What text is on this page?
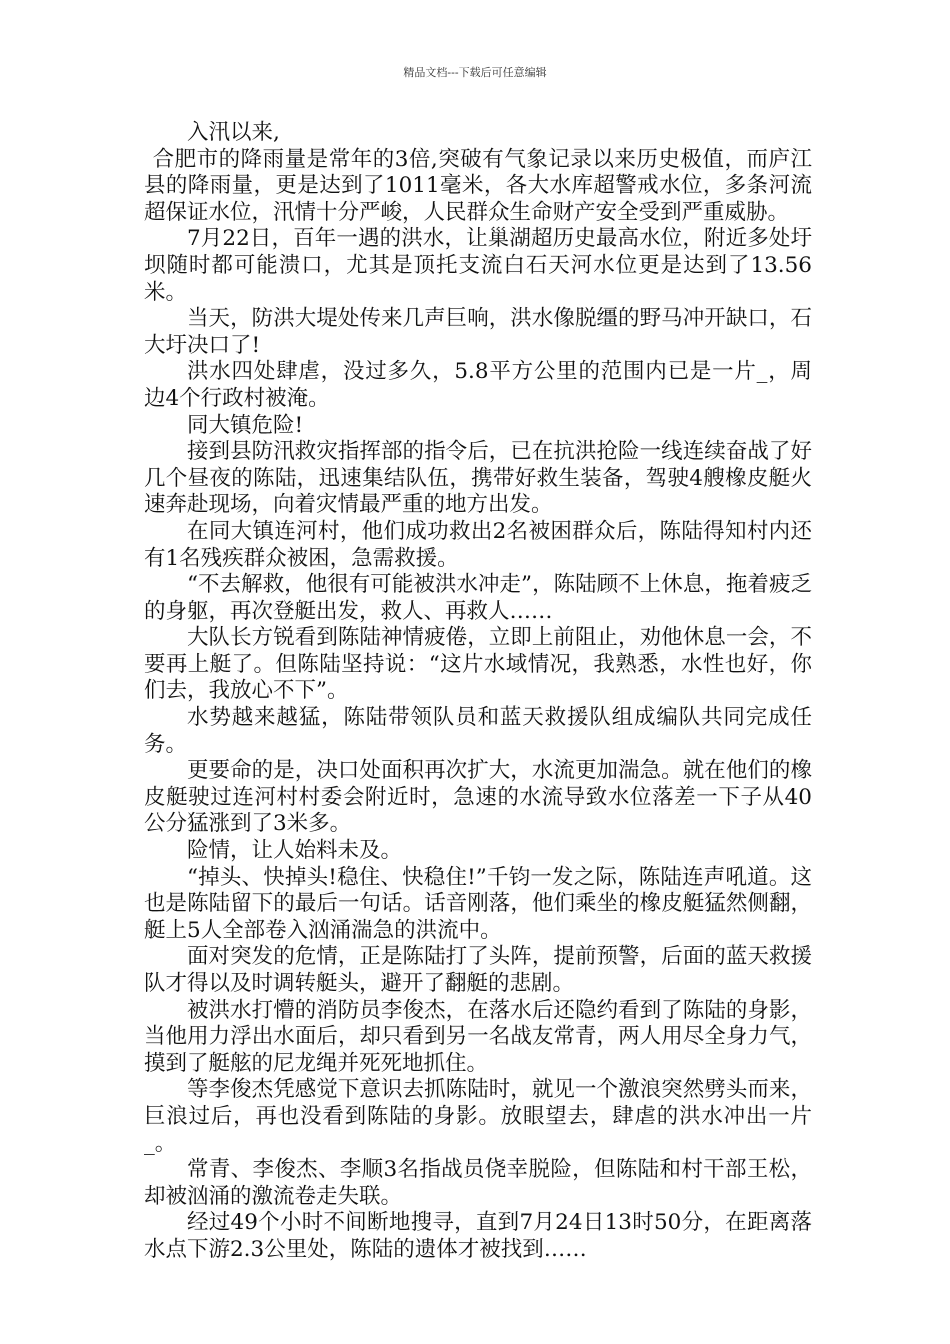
精品文档---下载后可任意编辑

入汛以来,

合肥市的降雨量是常年的3倍,突破有气象记录以来历史极值，而庐江县的降雨量，更是达到了1011毫米，各大水库超警戒水位，多条河流超保证水位，汛情十分严峻，人民群众生命财产安全受到严重威胁。

7月22日，百年一遇的洪水，让巢湖超历史最高水位，附近多处圩坝随时都可能溃口，尤其是顶托支流白石天河水位更是达到了13.56米。

当天，防洪大堤处传来几声巨响，洪水像脱缰的野马冲开缺口，石大圩决口了!

洪水四处肆虐，没过多久，5.8平方公里的范围内已是一片_，周边4个行政村被淹。

同大镇危险!

接到县防汛救灾指挥部的指令后，已在抗洪抢险一线连续奋战了好几个昼夜的陈陆，迅速集结队伍，携带好救生装备，驾驶4艘橡皮艇火速奔赴现场，向着灾情最严重的地方出发。

在同大镇连河村，他们成功救出2名被困群众后，陈陆得知村内还有1名残疾群众被困，急需救援。

“不去解救，他很有可能被洪水冲走”，陈陆顾不上休息，拖着疲乏的身躯，再次登艇出发，救人、再救人……

大队长方锐看到陈陆神情疲倦，立即上前阻止，劝他休息一会，不要再上艇了。但陈陆坚持说：“这片水域情况，我熟悉，水性也好，你们去，我放心不下”。

水势越来越猛，陈陆带领队员和蓝天救援队组成编队共同完成任务。

更要命的是，决口处面积再次扩大，水流更加湍急。就在他们的橡皮艇驶过连河村村委会附近时，急速的水流导致水位落差一下子从40公分猛涨到了3米多。

险情，让人始料未及。

“掉头、快掉头!稳住、快稳住!”千钧一发之际，陈陆连声吼道。这也是陈陆留下的最后一句话。话音刚落，他们乘坐的橡皮艇猛然侧翻，艇上5人全部卷入汹涌湍急的洪流中。

面对突发的危情，正是陈陆打了头阵，提前预警，后面的蓝天救援队才得以及时调转艇头，避开了翻艇的悲剧。

被洪水打懵的消防员李俊杰，在落水后还隐约看到了陈陆的身影，当他用力浮出水面后，却只看到另一名战友常青，两人用尽全身力气，摸到了艇舷的尼龙绳并死死地抓住。

等李俊杰凭感觉下意识去抓陈陆时，就见一个激浪突然劈头而来，巨浪过后，再也没看到陈陆的身影。放眼望去，肆虐的洪水冲出一片_。

常青、李俊杰、李顺3名指战员侥幸脱险，但陈陆和村干部王松，却被汹涌的激流卷走失联。

经过49个小时不间断地搜寻，直到7月24日13时50分，在距离落水点下游2.3公里处，陈陆的遗体才被找到……
